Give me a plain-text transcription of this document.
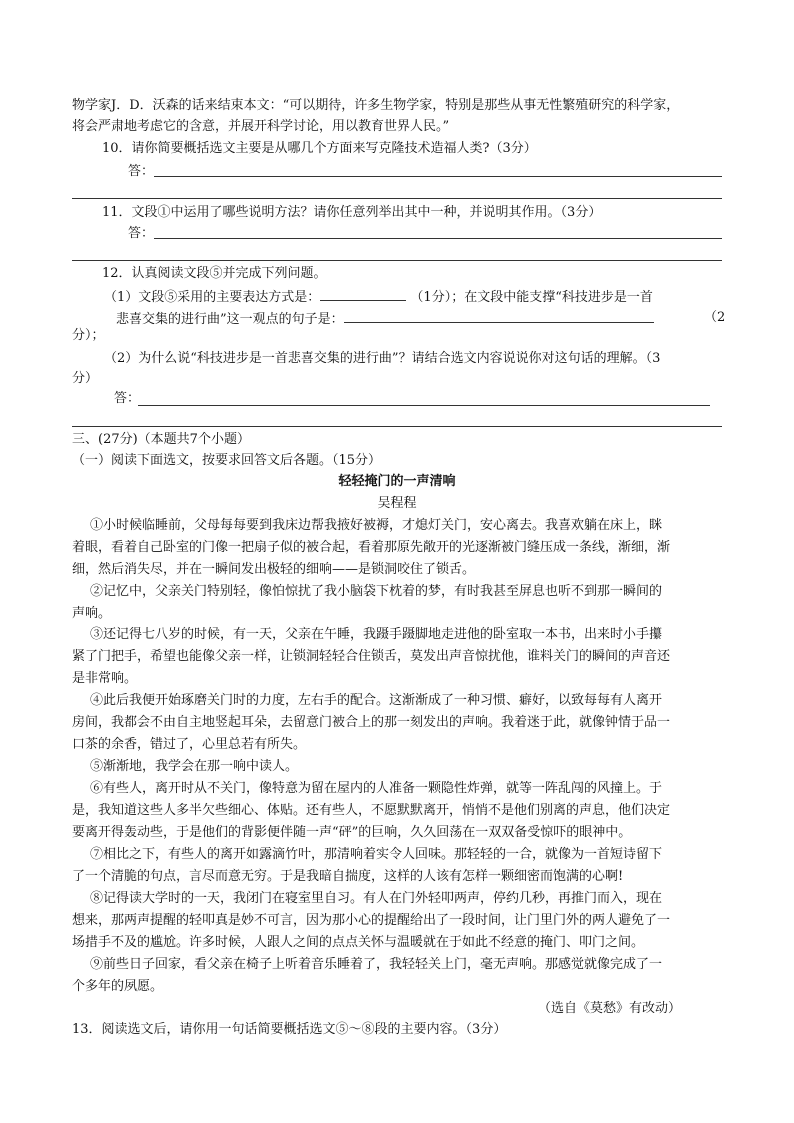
物学家J．D．沃森的话来结束本文：“可以期待，许多生物学家，特别是那些从事无性繁殖研究的科学家，
将会严肃地考虑它的含意，并展开科学讨论，用以教育世界人民。”
10．请你简要概括选文主要是从哪几个方面来写克隆技术造福人类?（3分）
答：
11．文段①中运用了哪些说明方法？请你任意列举出其中一种，并说明其作用。（3分）
答：
12．认真阅读文段⑤并完成下列问题。
（1）文段⑤采用的主要表达方式是：	（1分）；在文段中能支撑“科技进步是一首
悲喜交集的进行曲”这一观点的句子是：	（2
分）；
（2）为什么说“科技进步是一首悲喜交集的进行曲”？请结合选文内容说说你对这句话的理解。（3
分）
答：
三、(27分)（本题共7个小题）
（一）阅读下面选文，按要求回答文后各题。（15分）
轻轻掩门的一声清响
吴程程
①小时候临睡前，父母每每要到我床边帮我掖好被褥，才熄灯关门，安心离去。我喜欢躺在床上，眯
着眼，看着自己卧室的门像一把扇子似的被合起，看着那原先敞开的光逐渐被门缝压成一条线，渐细，渐
细，然后消失尽，并在一瞬间发出极轻的细响——是锁洞咬住了锁舌。
②记忆中，父亲关门特别轻，像怕惊扰了我小脑袋下枕着的梦，有时我甚至屏息也听不到那一瞬间的
声响。
③还记得七八岁的时候，有一天，父亲在午睡，我蹑手蹑脚地走进他的卧室取一本书，出来时小手攥
紧了门把手，希望也能像父亲一样，让锁洞轻轻合住锁舌，莫发出声音惊扰他，谁料关门的瞬间的声音还
是非常响。
④此后我便开始琢磨关门时的力度，左右手的配合。这渐渐成了一种习惯、癖好，以致每每有人离开
房间，我都会不由自主地竖起耳朵，去留意门被合上的那一刻发出的声响。我着迷于此，就像钟情于品一
口茶的余香，错过了，心里总若有所失。
⑤渐渐地，我学会在那一响中读人。
⑥有些人，离开时从不关门，像特意为留在屋内的人准备一颗隐性炸弹，就等一阵乱闯的风撞上。于
是，我知道这些人多半欠些细心、体贴。还有些人，不愿默默离开，悄悄不是他们别离的声息，他们决定
要离开得轰动些，于是他们的背影便伴随一声“砰”的巨响，久久回荡在一双双备受惊吓的眼神中。
⑦相比之下，有些人的离开如露滴竹叶，那清响着实令人回味。那轻轻的一合，就像为一首短诗留下
了一个清脆的句点，言尽而意无穷。于是我暗自揣度，这样的人该有怎样一颗细密而饱满的心啊!
⑧记得读大学时的一天，我闭门在寝室里自习。有人在门外轻叩两声，停约几秒，再推门而入，现在
想来，那两声提醒的轻叩真是妙不可言，因为那小心的提醒给出了一段时间，让门里门外的两人避免了一
场措手不及的尴尬。许多时候，人跟人之间的点点关怀与温暖就在于如此不经意的掩门、叩门之间。
⑨前些日子回家，看父亲在椅子上听着音乐睡着了，我轻轻关上门，毫无声响。那感觉就像完成了一
个多年的夙愿。
（选自《莫愁》有改动）
13．阅读选文后，请你用一句话简要概括选文⑤～⑧段的主要内容。（3分）
